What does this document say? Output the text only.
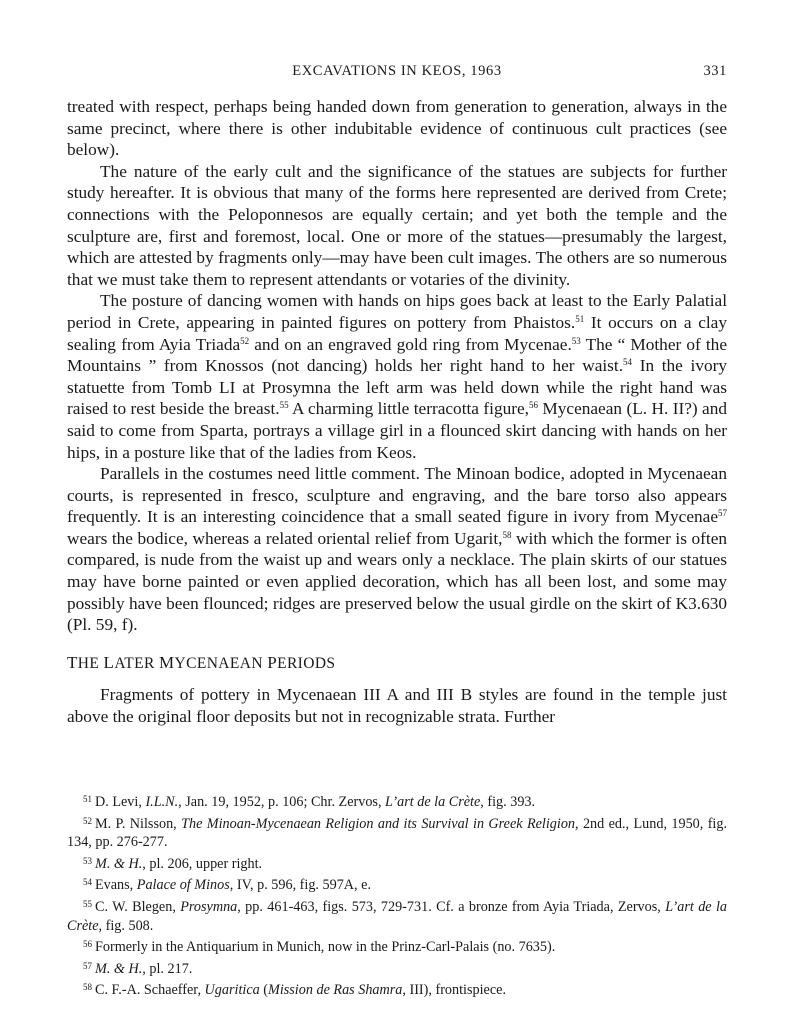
EXCAVATIONS IN KEOS, 1963	331

treated with respect, perhaps being handed down from generation to generation, always in the same precinct, where there is other indubitable evidence of continuous cult practices (see below).

The nature of the early cult and the significance of the statues are subjects for further study hereafter. It is obvious that many of the forms here represented are derived from Crete; connections with the Peloponnesos are equally certain; and yet both the temple and the sculpture are, first and foremost, local. One or more of the statues—presumably the largest, which are attested by fragments only—may have been cult images. The others are so numerous that we must take them to represent attendants or votaries of the divinity.

The posture of dancing women with hands on hips goes back at least to the Early Palatial period in Crete, appearing in painted figures on pottery from Phaistos.$^{51}$ It occurs on a clay sealing from Ayia Triada$^{52}$ and on an engraved gold ring from Mycenae.$^{53}$ The “ Mother of the Mountains ” from Knossos (not dancing) holds her right hand to her waist.$^{54}$ In the ivory statuette from Tomb LI at Prosymna the left arm was held down while the right hand was raised to rest beside the breast.$^{55}$ A charming little terracotta figure,$^{56}$ Mycenaean (L. H. II?) and said to come from Sparta, portrays a village girl in a flounced skirt dancing with hands on her hips, in a posture like that of the ladies from Keos.

Parallels in the costumes need little comment. The Minoan bodice, adopted in Mycenaean courts, is represented in fresco, sculpture and engraving, and the bare torso also appears frequently. It is an interesting coincidence that a small seated figure in ivory from Mycenae$^{57}$ wears the bodice, whereas a related oriental relief from Ugarit,$^{58}$ with which the former is often compared, is nude from the waist up and wears only a necklace. The plain skirts of our statues may have borne painted or even applied decoration, which has all been lost, and some may possibly have been flounced; ridges are preserved below the usual girdle on the skirt of K3.630 (Pl. 59, f).

THE LATER MYCENAEAN PERIODS

Fragments of pottery in Mycenaean III A and III B styles are found in the temple just above the original floor deposits but not in recognizable strata. Further

$^{51}$ D. Levi, I.L.N., Jan. 19, 1952, p. 106; Chr. Zervos, L’art de la Crète, fig. 393.

$^{52}$ M. P. Nilsson, The Minoan-Mycenaean Religion and its Survival in Greek Religion, 2nd ed., Lund, 1950, fig. 134, pp. 276-277.

$^{53}$ M. & H., pl. 206, upper right.

$^{54}$ Evans, Palace of Minos, IV, p. 596, fig. 597A, e.

$^{55}$ C. W. Blegen, Prosymna, pp. 461-463, figs. 573, 729-731. Cf. a bronze from Ayia Triada, Zervos, L’art de la Crète, fig. 508.

$^{56}$ Formerly in the Antiquarium in Munich, now in the Prinz-Carl-Palais (no. 7635).

$^{57}$ M. & H., pl. 217.

$^{58}$ C. F.-A. Schaeffer, Ugaritica (Mission de Ras Shamra, III), frontispiece.
